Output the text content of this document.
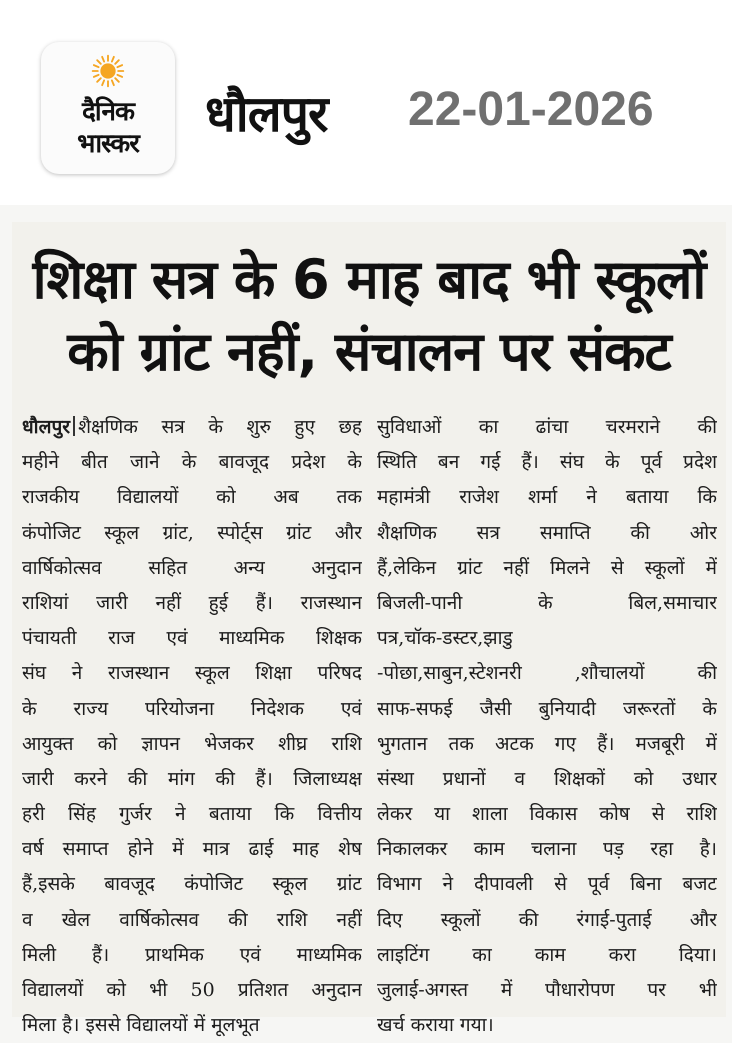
दैनिक
भास्कर
धौलपुर 22-01-2026
शिक्षा सत्र के 6 माह बाद भी स्कूलों
को ग्रांट नहीं, संचालन पर संकट
धौलपुर शैक्षणिक सत्र के शुरु हुए छह
महीने बीत जाने के बावजूद प्रदेश के
राजकीय विद्यालयों को अब तक
कंपोजिट स्कूल ग्रांट, स्पोर्ट्स ग्रांट और
वार्षिकोत्सव सहित अन्य अनुदान
राशियां जारी नहीं हुई हैं। राजस्थान
पंचायती राज एवं माध्यमिक शिक्षक
संघ ने राजस्थान स्कूल शिक्षा परिषद
के राज्य परियोजना निदेशक एवं
आयुक्त को ज्ञापन भेजकर शीघ्र राशि
जारी करने की मांग की हैं। जिलाध्यक्ष
हरी सिंह गुर्जर ने बताया कि वित्तीय
वर्ष समाप्त होने में मात्र ढाई माह शेष
हैं,इसके बावजूद कंपोजिट स्कूल ग्रांट
व खेल वार्षिकोत्सव की राशि नहीं
मिली हैं। प्राथमिक एवं माध्यमिक
विद्यालयों को भी 50 प्रतिशत अनुदान
मिला है। इससे विद्यालयों में मूलभूत
सुविधाओं का ढांचा चरमराने की
स्थिति बन गई हैं। संघ के पूर्व प्रदेश
महामंत्री राजेश शर्मा ने बताया कि
शैक्षणिक सत्र समाप्ति की ओर
हैं,लेकिन ग्रांट नहीं मिलने से स्कूलों में
बिजली-पानी के बिल,समाचार
पत्र,चॉक-डस्टर,झाडु
-पोछा,साबुन,स्टेशनरी ,शौचालयों की
साफ-सफई जैसी बुनियादी जरूरतों के
भुगतान तक अटक गए हैं। मजबूरी में
संस्था प्रधानों व शिक्षकों को उधार
लेकर या शाला विकास कोष से राशि
निकालकर काम चलाना पड़ रहा है।
विभाग ने दीपावली से पूर्व बिना बजट
दिए स्कूलों की रंगाई-पुताई और
लाइटिंग का काम करा दिया।
जुलाई-अगस्त में पौधारोपण पर भी
खर्च कराया गया।
